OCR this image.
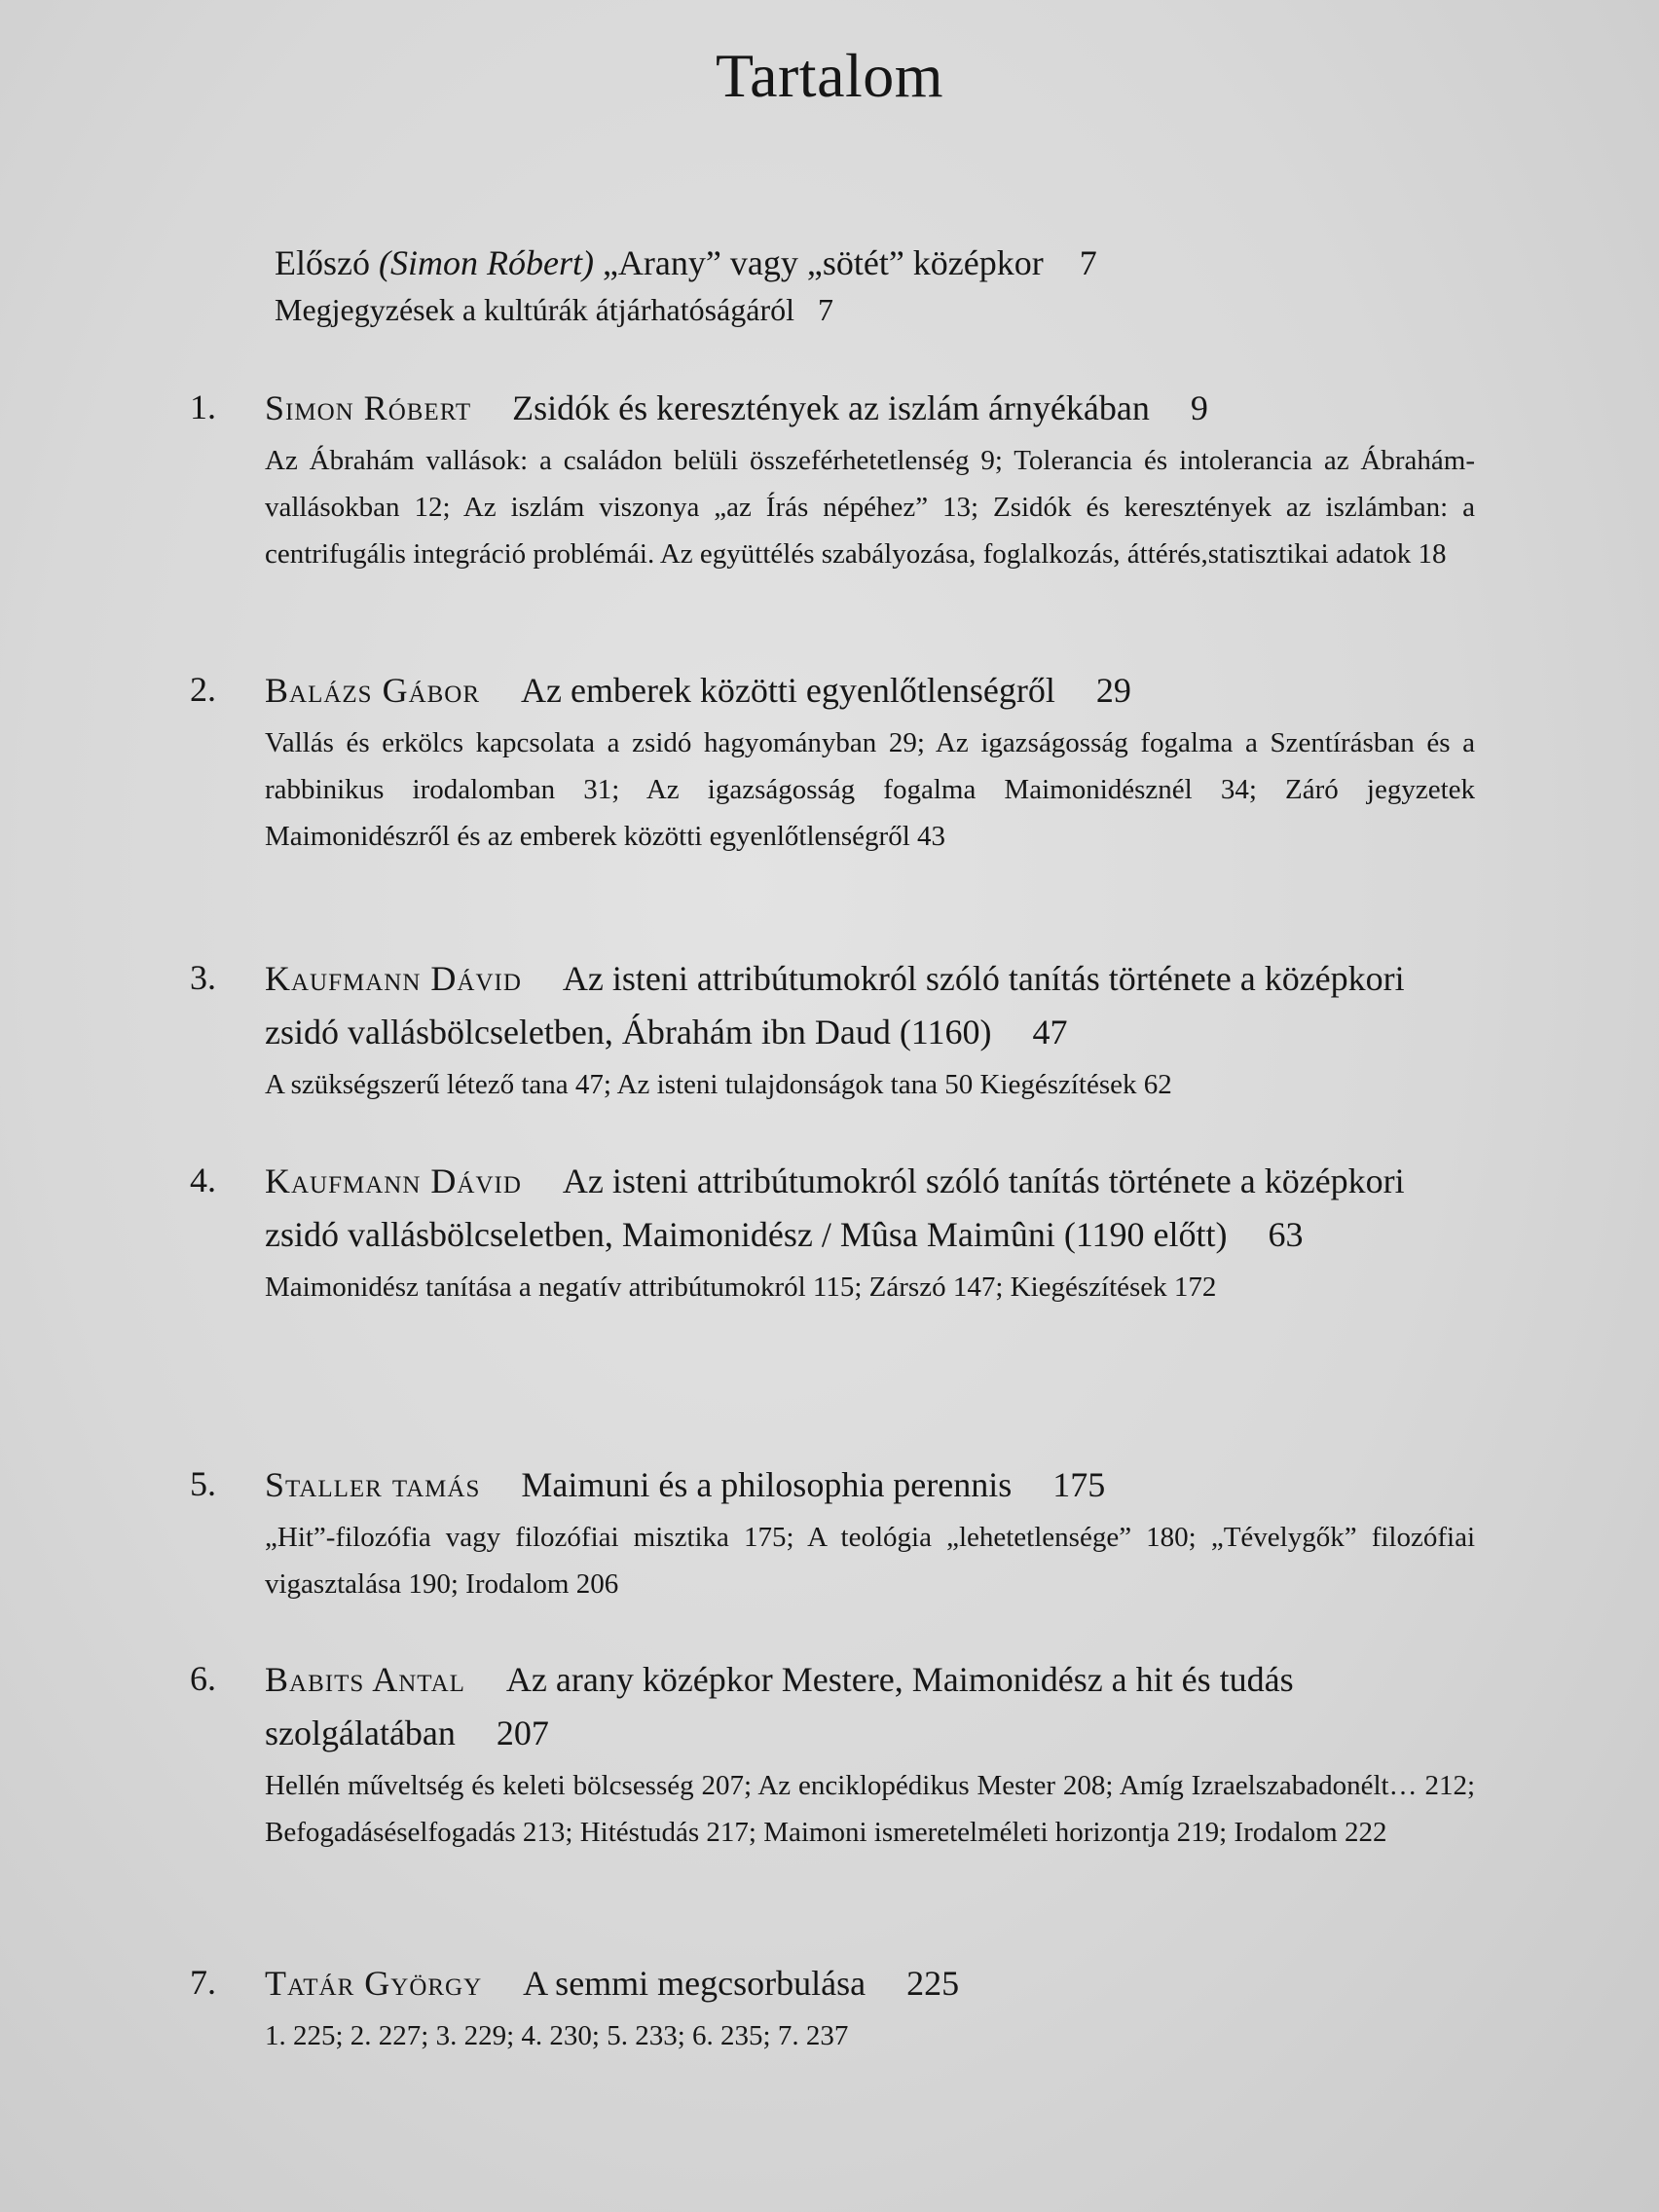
Tartalom
Előszó (Simon Róbert) „Arany” vagy „sötét” középkor 7
Megjegyzések a kultúrák átjárhatóságáról 7
1. Simon Róbert Zsidók és keresztények az iszlám árnyékában 9
Az Ábrahám vallások: a családon belüli összeférhetetlenség 9; Tolerancia és intolerancia az Ábrahám-vallásokban 12; Az iszlám viszonya „az Írás népéhez” 13; Zsidók és keresztények az iszlámban: a centrifugális integráció problémái. Az együttélés szabályozása, foglalkozás, áttérés,statisztikai adatok 18
2. Balázs Gábor Az emberek közötti egyenlőtlenségről 29
Vallás és erkölcs kapcsolata a zsidó hagyományban 29; Az igazságosság fogalma a Szentírásban és a rabbinikus irodalomban 31; Az igazságosság fogalma Maimonidésznél 34; Záró jegyzetek Maimonidészről és az emberek közötti egyenlőtlenségről 43
3. Kaufmann Dávid Az isteni attribútumokról szóló tanítás története a középkori zsidó vallásbölcseletben, Ábrahám ibn Daud (1160) 47
A szükségszerű létező tana 47; Az isteni tulajdonságok tana 50 Kiegészítések 62
4. Kaufmann Dávid Az isteni attribútumokról szóló tanítás története a középkori zsidó vallásbölcseletben, Maimonidész / Mûsa Maimûni (1190 előtt) 63
Maimonidész tanítása a negatív attribútumokról 115; Zárszó 147; Kiegészítések 172
5. Staller tamás Maimuni és a philosophia perennis 175
„Hit”-filozófia vagy filozófiai misztika 175; A teológia „lehetetlensége” 180; „Tévelygők” filozófiai vigasztalása 190; Irodalom 206
6. Babits Antal Az arany középkor Mestere, Maimonidész a hit és tudás szolgálatában 207
Hellén műveltség és keleti bölcsesség 207; Az enciklopédikus Mester 208; Amíg Izraelszabadonélt… 212; Befogadáséselfogadás 213; Hitéstudás 217; Maimoni ismeretelméleti horizontja 219; Irodalom 222
7. Tatár György A semmi megcsorbulása 225
1. 225; 2. 227; 3. 229; 4. 230; 5. 233; 6. 235; 7. 237
